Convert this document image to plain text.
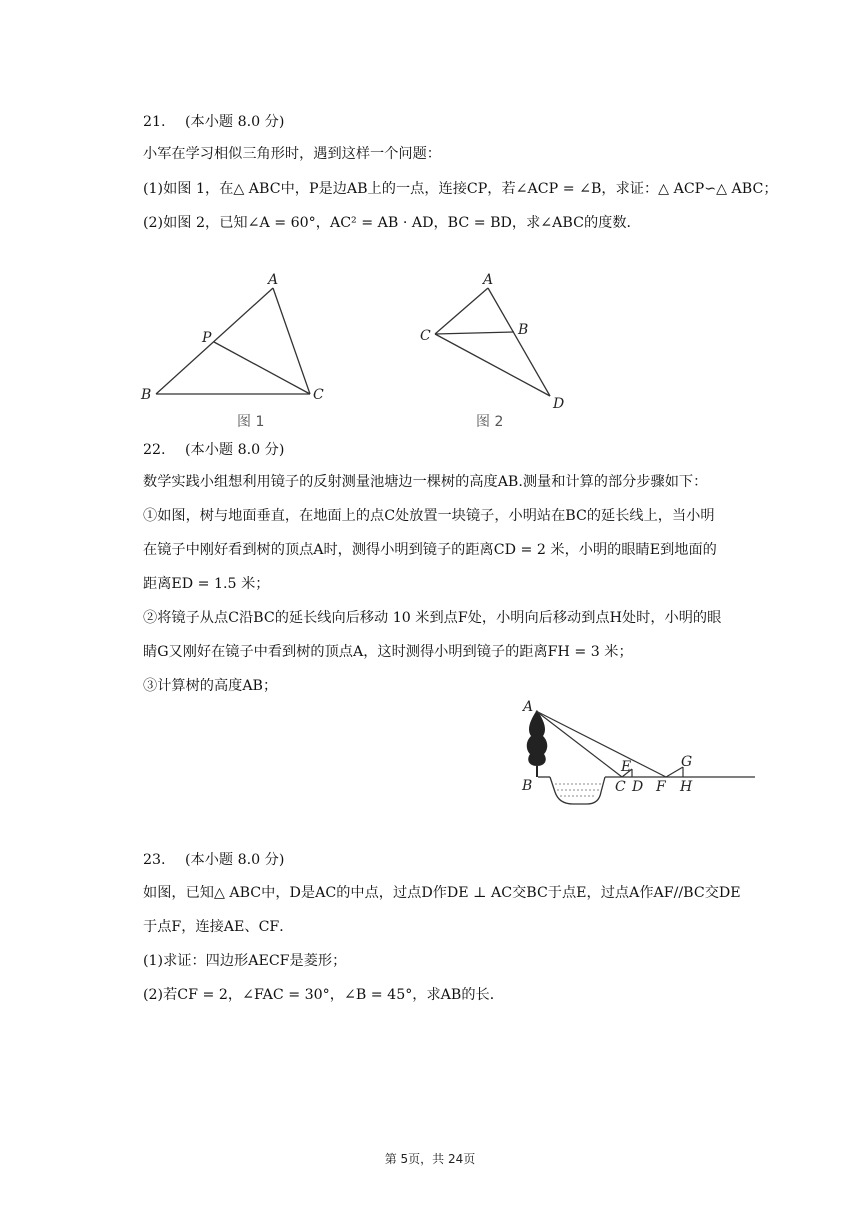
21. (本小题 8.0 分)
小军在学习相似三角形时，遇到这样一个问题：
(1)如图 1，在△ ABC中，P是边AB上的一点，连接CP，若∠ACP = ∠B，求证：△ ACP∽△ ABC；
(2)如图 2，已知∠A = 60°，AC² = AB · AD，BC = BD，求∠ABC的度数．
A
P
B	C
图 1
A
B
C
D
图 2
22. (本小题 8.0 分)
数学实践小组想利用镜子的反射测量池塘边一棵树的高度AB.测量和计算的部分步骤如下：
①如图，树与地面垂直，在地面上的点C处放置一块镜子，小明站在BC的延长线上，当小明
在镜子中刚好看到树的顶点A时，测得小明到镜子的距离CD = 2 米，小明的眼睛E到地面的
距离ED = 1.5 米；
②将镜子从点C沿BC的延长线向后移动 10 米到点F处，小明向后移动到点H处时，小明的眼
睛G又刚好在镜子中看到树的顶点A，这时测得小明到镜子的距离FH = 3 米；
③计算树的高度AB；
A
B	C D
E
F
G
H
23. (本小题 8.0 分)
如图，已知△ ABC中，D是AC的中点，过点D作DE ⊥ AC交BC于点E，过点A作AF//BC交DE
于点F，连接AE、CF．
(1)求证：四边形AECF是菱形；
(2)若CF = 2，∠FAC = 30°，∠B = 45°，求AB的长．
第 5页，共 24页
